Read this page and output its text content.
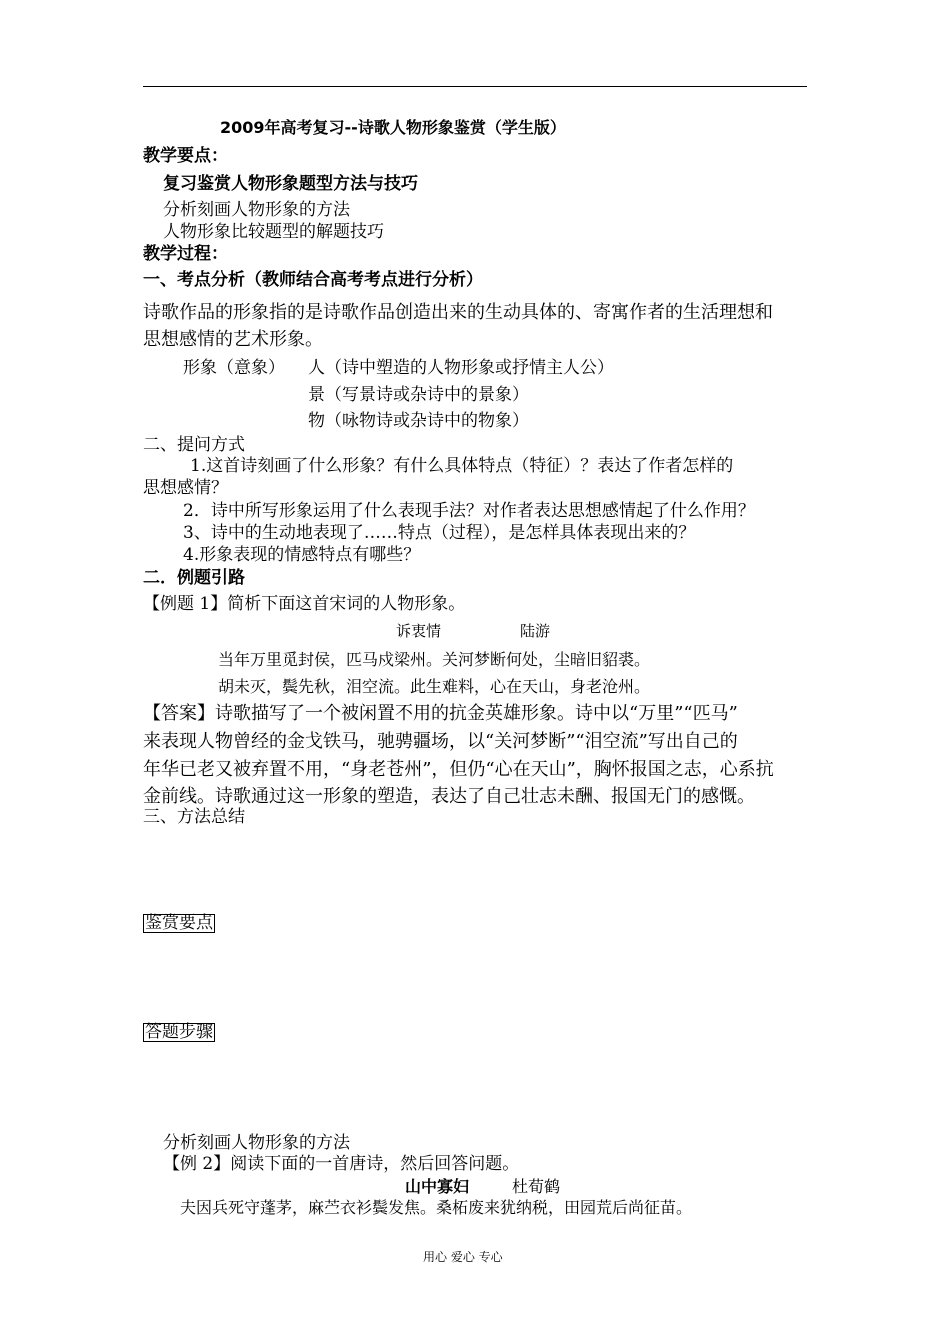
2009年高考复习--诗歌人物形象鉴赏（学生版）
教学要点：
复习鉴赏人物形象题型方法与技巧
分析刻画人物形象的方法
人物形象比较题型的解题技巧
教学过程：
一、考点分析（教师结合高考考点进行分析）
诗歌作品的形象指的是诗歌作品创造出来的生动具体的、寄寓作者的生活理想和
思想感情的艺术形象。
形象（意象） 人（诗中塑造的人物形象或抒情主人公）
景（写景诗或杂诗中的景象）
物（咏物诗或杂诗中的物象）
二、提问方式
1.这首诗刻画了什么形象？有什么具体特点（特征）？表达了作者怎样的
思想感情？
2．诗中所写形象运用了什么表现手法？对作者表达思想感情起了什么作用？
3、诗中的生动地表现了……特点（过程），是怎样具体表现出来的？
4.形象表现的情感特点有哪些？
二．例题引路
【例题 1】简析下面这首宋词的人物形象。
诉衷情	陆游
当年万里觅封侯，匹马戍梁州。关河梦断何处，尘暗旧貂裘。
胡未灭，鬓先秋，泪空流。此生难料，心在天山，身老沧州。
【答案】诗歌描写了一个被闲置不用的抗金英雄形象。诗中以“万里”“匹马”
来表现人物曾经的金戈铁马，驰骋疆场，以“关河梦断”“泪空流”写出自己的
年华已老又被弃置不用，“身老苍州”，但仍“心在天山”，胸怀报国之志，心系抗
金前线。诗歌通过这一形象的塑造，表达了自己壮志未酬、报国无门的感慨。
三、方法总结
鉴赏要点
答题步骤
分析刻画人物形象的方法
【例 2】阅读下面的一首唐诗，然后回答问题。
山中寡妇	杜荀鹤
夫因兵死守蓬茅，麻苎衣衫鬓发焦。桑柘废来犹纳税，田园荒后尚征苗。
用心 爱心 专心
